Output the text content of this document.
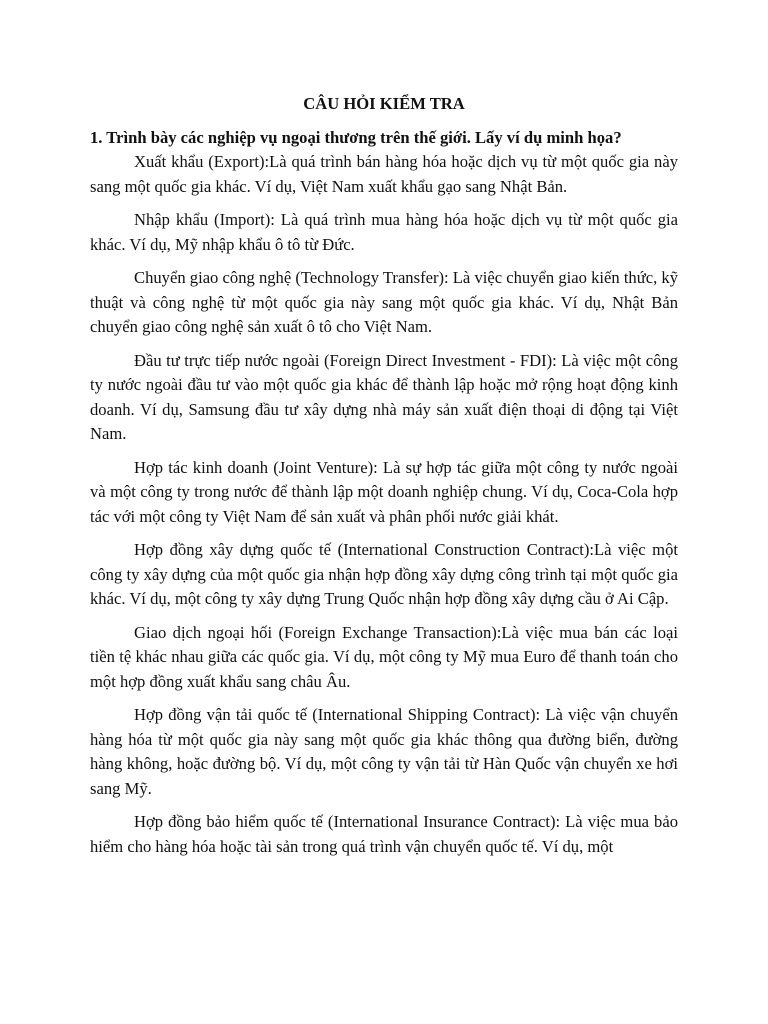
CÂU HỎI KIỂM TRA
1. Trình bày các nghiệp vụ ngoại thương trên thế giới. Lấy ví dụ minh họa?

Xuất khẩu (Export):Là quá trình bán hàng hóa hoặc dịch vụ từ một quốc gia này sang một quốc gia khác. Ví dụ, Việt Nam xuất khẩu gạo sang Nhật Bản.

Nhập khẩu (Import): Là quá trình mua hàng hóa hoặc dịch vụ từ một quốc gia khác. Ví dụ, Mỹ nhập khẩu ô tô từ Đức.

Chuyển giao công nghệ (Technology Transfer): Là việc chuyển giao kiến thức, kỹ thuật và công nghệ từ một quốc gia này sang một quốc gia khác. Ví dụ, Nhật Bản chuyển giao công nghệ sản xuất ô tô cho Việt Nam.

Đầu tư trực tiếp nước ngoài (Foreign Direct Investment - FDI): Là việc một công ty nước ngoài đầu tư vào một quốc gia khác để thành lập hoặc mở rộng hoạt động kinh doanh. Ví dụ, Samsung đầu tư xây dựng nhà máy sản xuất điện thoại di động tại Việt Nam.

Hợp tác kinh doanh (Joint Venture): Là sự hợp tác giữa một công ty nước ngoài và một công ty trong nước để thành lập một doanh nghiệp chung. Ví dụ, Coca-Cola hợp tác với một công ty Việt Nam để sản xuất và phân phối nước giải khát.

Hợp đồng xây dựng quốc tế (International Construction Contract):Là việc một công ty xây dựng của một quốc gia nhận hợp đồng xây dựng công trình tại một quốc gia khác. Ví dụ, một công ty xây dựng Trung Quốc nhận hợp đồng xây dựng cầu ở Ai Cập.

Giao dịch ngoại hối (Foreign Exchange Transaction):Là việc mua bán các loại tiền tệ khác nhau giữa các quốc gia. Ví dụ, một công ty Mỹ mua Euro để thanh toán cho một hợp đồng xuất khẩu sang châu Âu.

Hợp đồng vận tải quốc tế (International Shipping Contract): Là việc vận chuyển hàng hóa từ một quốc gia này sang một quốc gia khác thông qua đường biển, đường hàng không, hoặc đường bộ. Ví dụ, một công ty vận tải từ Hàn Quốc vận chuyển xe hơi sang Mỹ.

Hợp đồng bảo hiểm quốc tế (International Insurance Contract): Là việc mua bảo hiểm cho hàng hóa hoặc tài sản trong quá trình vận chuyển quốc tế. Ví dụ, một
